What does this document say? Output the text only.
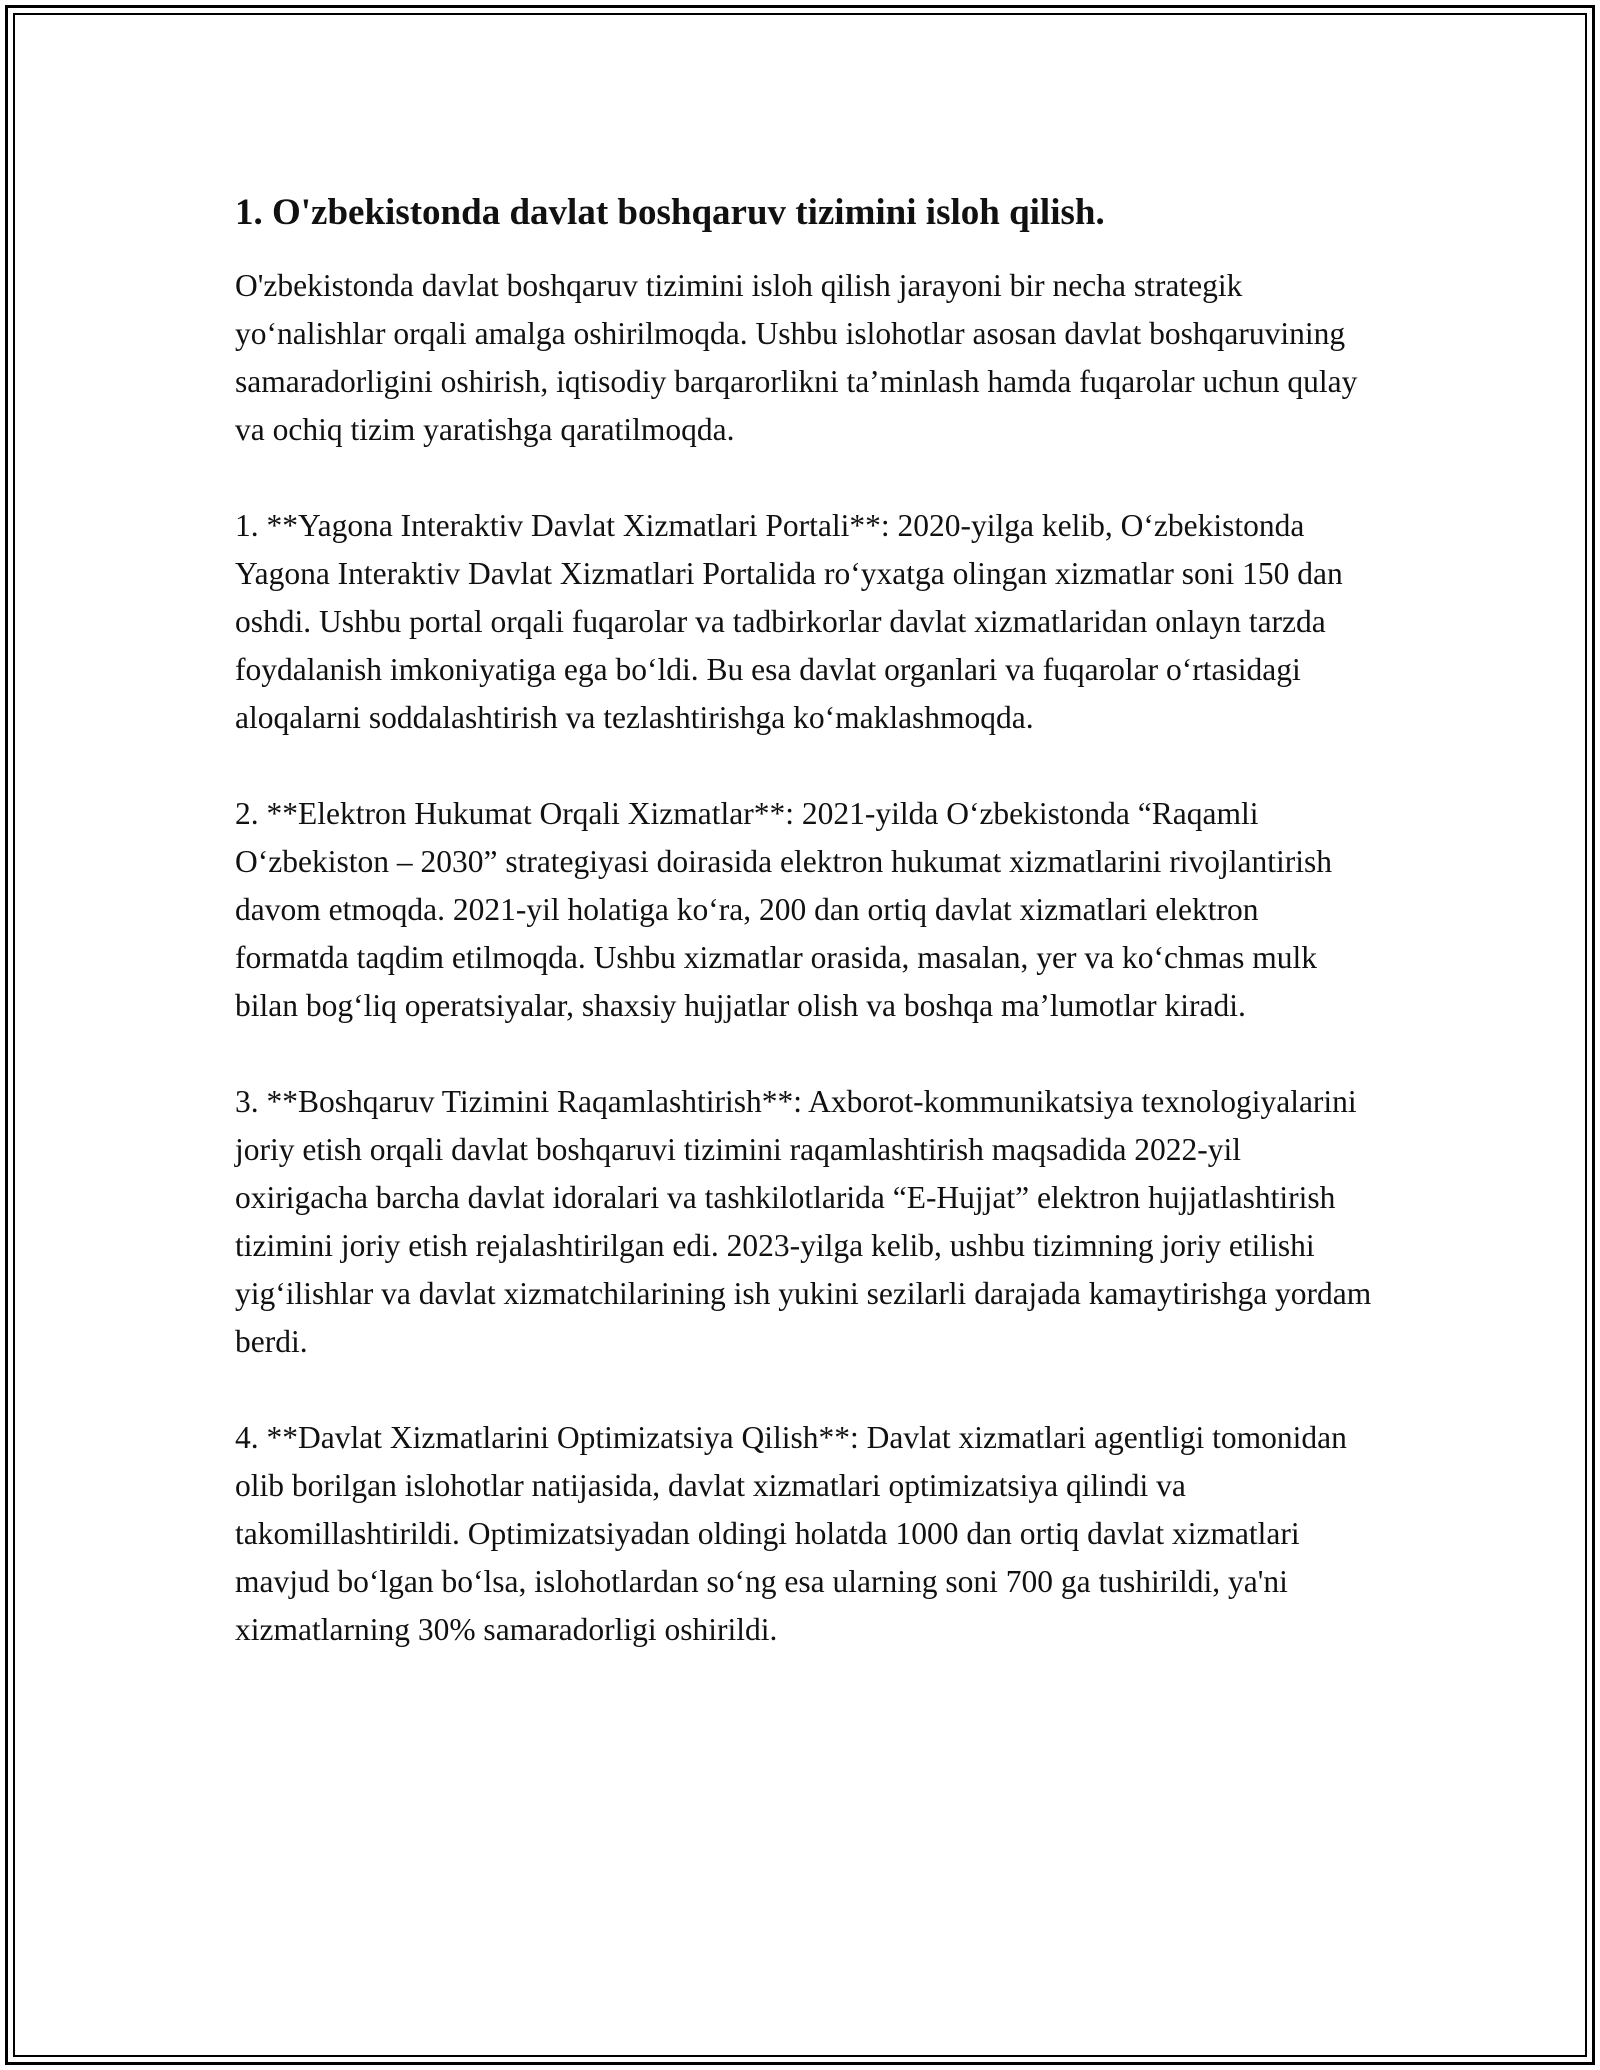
1. O'zbekistonda davlat boshqaruv tizimini isloh qilish.

O'zbekistonda davlat boshqaruv tizimini isloh qilish jarayoni bir necha strategik yo‘nalishlar orqali amalga oshirilmoqda. Ushbu islohotlar asosan davlat boshqaruvining samaradorligini oshirish, iqtisodiy barqarorlikni ta’minlash hamda fuqarolar uchun qulay va ochiq tizim yaratishga qaratilmoqda.

1. **Yagona Interaktiv Davlat Xizmatlari Portali**: 2020-yilga kelib, O‘zbekistonda Yagona Interaktiv Davlat Xizmatlari Portalida ro‘yxatga olingan xizmatlar soni 150 dan oshdi. Ushbu portal orqali fuqarolar va tadbirkorlar davlat xizmatlaridan onlayn tarzda foydalanish imkoniyatiga ega bo‘ldi. Bu esa davlat organlari va fuqarolar o‘rtasidagi aloqalarni soddalashtirish va tezlashtirishga ko‘maklashmoqda.

2. **Elektron Hukumat Orqali Xizmatlar**: 2021-yilda O‘zbekistonda “Raqamli O‘zbekiston – 2030” strategiyasi doirasida elektron hukumat xizmatlarini rivojlantirish davom etmoqda. 2021-yil holatiga ko‘ra, 200 dan ortiq davlat xizmatlari elektron formatda taqdim etilmoqda. Ushbu xizmatlar orasida, masalan, yer va ko‘chmas mulk bilan bog‘liq operatsiyalar, shaxsiy hujjatlar olish va boshqa ma’lumotlar kiradi.

3. **Boshqaruv Tizimini Raqamlashtirish**: Axborot-kommunikatsiya texnologiyalarini joriy etish orqali davlat boshqaruvi tizimini raqamlashtirish maqsadida 2022-yil oxirigacha barcha davlat idoralari va tashkilotlarida “E-Hujjat” elektron hujjatlashtirish tizimini joriy etish rejalashtirilgan edi. 2023-yilga kelib, ushbu tizimning joriy etilishi yig‘ilishlar va davlat xizmatchilarining ish yukini sezilarli darajada kamaytirishga yordam berdi.

4. **Davlat Xizmatlarini Optimizatsiya Qilish**: Davlat xizmatlari agentligi tomonidan olib borilgan islohotlar natijasida, davlat xizmatlari optimizatsiya qilindi va takomillashtirildi. Optimizatsiyadan oldingi holatda 1000 dan ortiq davlat xizmatlari mavjud bo‘lgan bo‘lsa, islohotlardan so‘ng esa ularning soni 700 ga tushirildi, ya'ni xizmatlarning 30% samaradorligi oshirildi.
